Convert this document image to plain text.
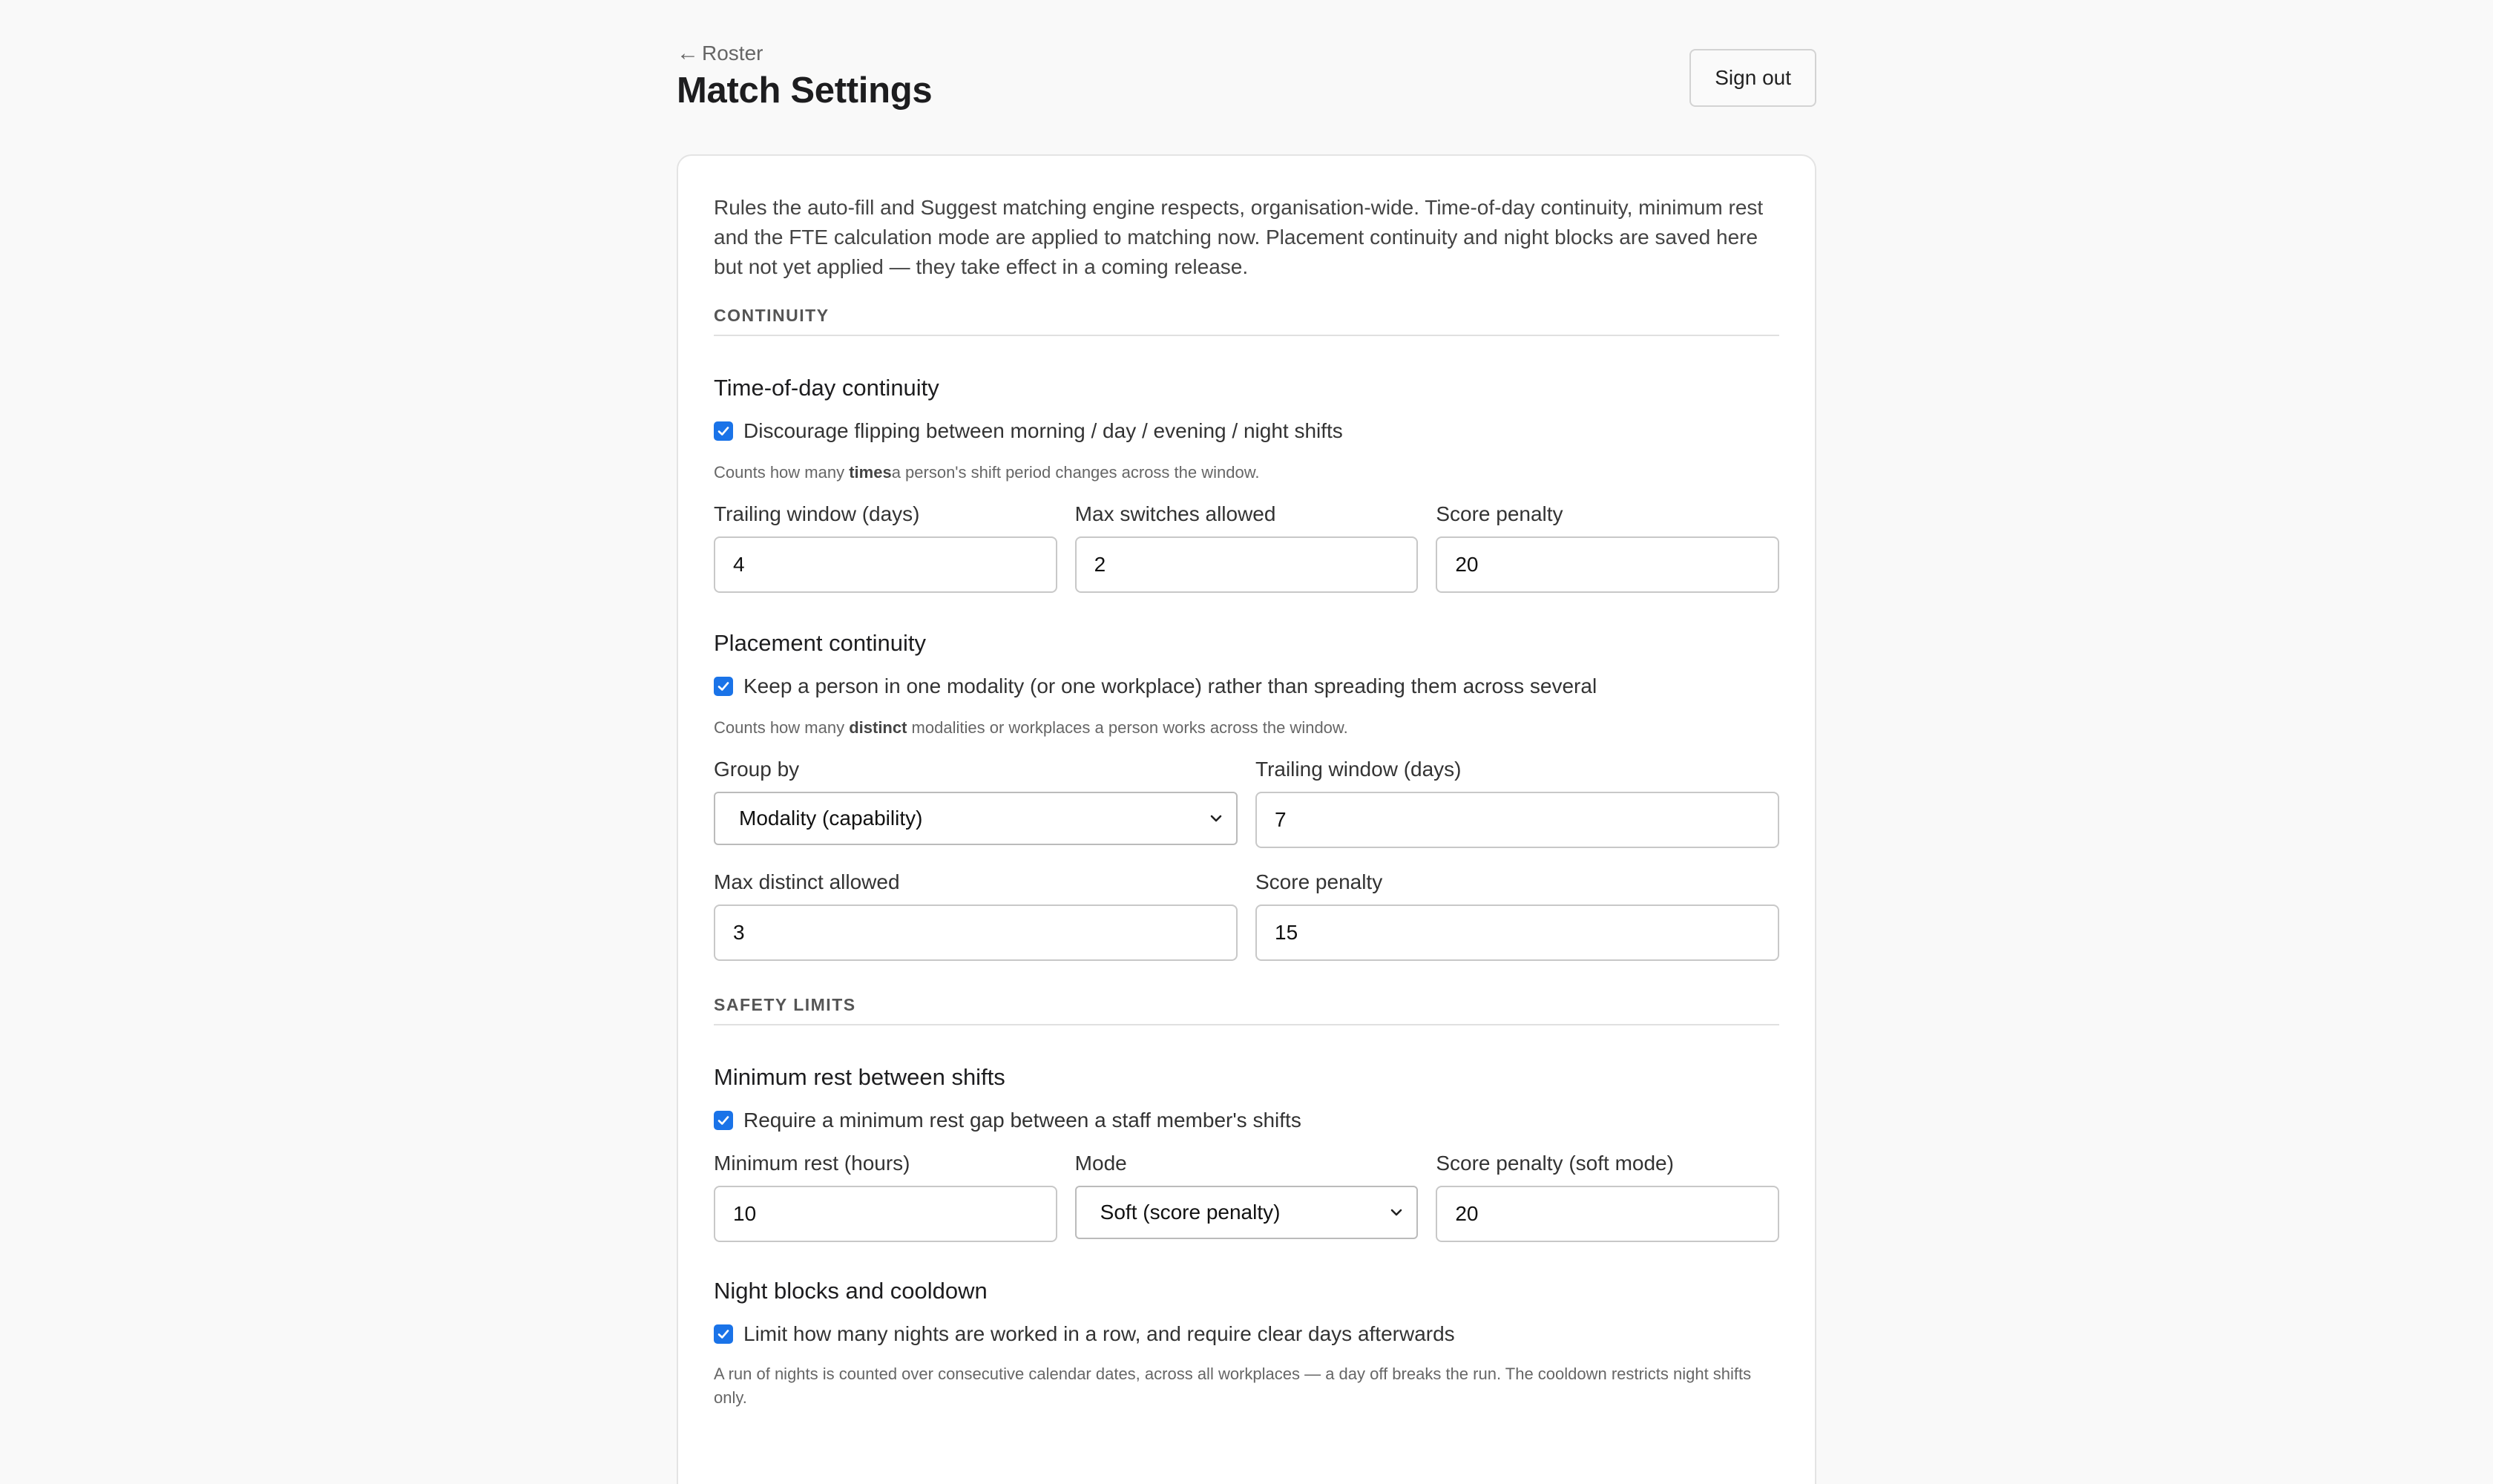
← Roster
Match Settings	Sign out

Rules the auto-fill and Suggest matching engine respects, organisation-wide. Time-of-day continuity, minimum rest and the FTE calculation mode are applied to matching now. Placement continuity and night blocks are saved here but not yet applied — they take effect in a coming release.

CONTINUITY
Time-of-day continuity
Discourage flipping between morning / day / evening / night shifts
Counts how many timesa person's shift period changes across the window.
Trailing window (days)
4
Max switches allowed
2
Score penalty
20
Placement continuity
Keep a person in one modality (or one workplace) rather than spreading them across several
Counts how many distinct modalities or workplaces a person works across the window.
Group by
Modality (capability)
Trailing window (days)
7
Max distinct allowed
3
Score penalty
15
SAFETY LIMITS
Minimum rest between shifts
Require a minimum rest gap between a staff member's shifts
Minimum rest (hours)
10
Mode
Soft (score penalty)
Score penalty (soft mode)
20
Night blocks and cooldown
Limit how many nights are worked in a row, and require clear days afterwards
A run of nights is counted over consecutive calendar dates, across all workplaces — a day off breaks the run. The cooldown restricts night shifts only.
